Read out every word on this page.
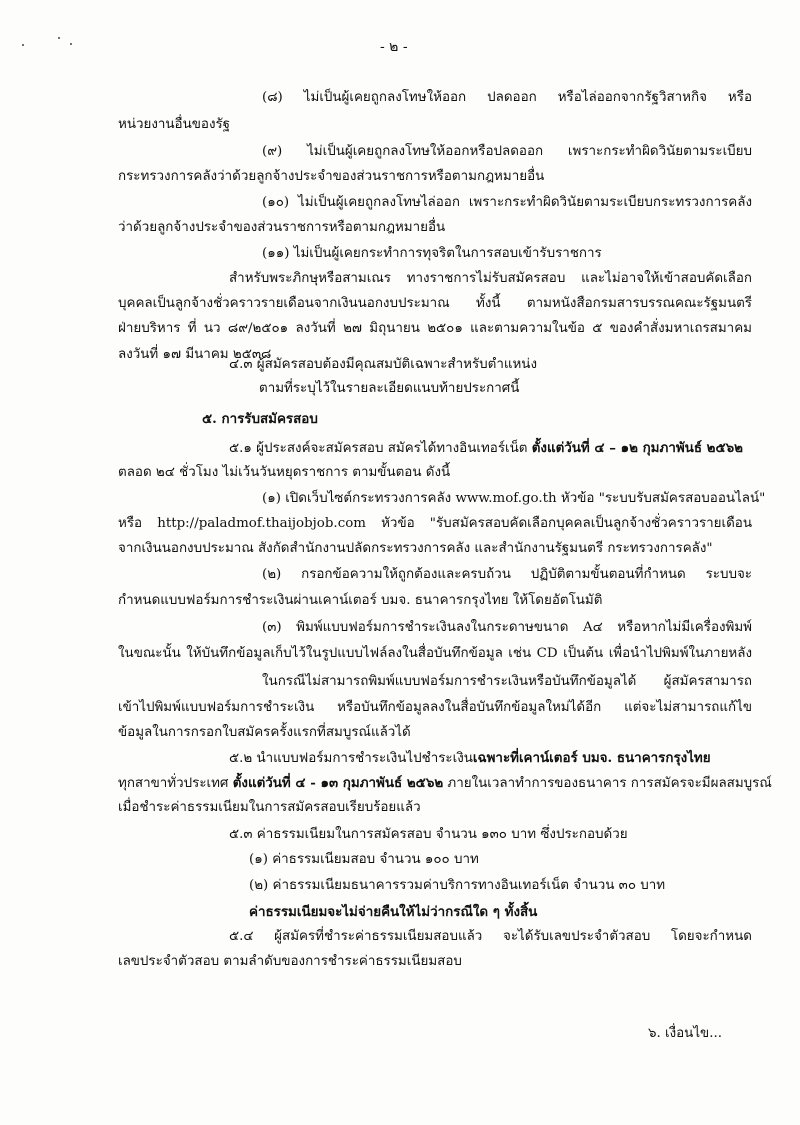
- ๒ -
(๘) ไม่เป็นผู้เคยถูกลงโทษให้ออก ปลดออก หรือไล่ออกจากรัฐวิสาหกิจ หรือ
หน่วยงานอื่นของรัฐ
(๙) ไม่เป็นผู้เคยถูกลงโทษให้ออกหรือปลดออก เพราะกระทำผิดวินัยตามระเบียบ
กระทรวงการคลังว่าด้วยลูกจ้างประจำของส่วนราชการหรือตามกฎหมายอื่น
(๑๐) ไม่เป็นผู้เคยถูกลงโทษไล่ออก เพราะกระทำผิดวินัยตามระเบียบกระทรวงการคลัง
ว่าด้วยลูกจ้างประจำของส่วนราชการหรือตามกฎหมายอื่น
(๑๑) ไม่เป็นผู้เคยกระทำการทุจริตในการสอบเข้ารับราชการ
สำหรับพระภิกษุหรือสามเณร ทางราชการไม่รับสมัครสอบ และไม่อาจให้เข้าสอบคัดเลือก
บุคคลเป็นลูกจ้างชั่วคราวรายเดือนจากเงินนอกงบประมาณ ทั้งนี้ ตามหนังสือกรมสารบรรณคณะรัฐมนตรี
ฝ่ายบริหาร ที่ นว ๘๙/๒๕๐๑ ลงวันที่ ๒๗ มิถุนายน ๒๕๐๑ และตามความในข้อ ๕ ของคำสั่งมหาเถรสมาคม
ลงวันที่ ๑๗ มีนาคม ๒๕๓๘
๔.๓ ผู้สมัครสอบต้องมีคุณสมบัติเฉพาะสำหรับตำแหน่ง
ตามที่ระบุไว้ในรายละเอียดแนบท้ายประกาศนี้
๕. การรับสมัครสอบ
๕.๑ ผู้ประสงค์จะสมัครสอบ สมัครได้ทางอินเทอร์เน็ต ตั้งแต่วันที่ ๔ – ๑๒ กุมภาพันธ์ ๒๕๖๒
ตลอด ๒๔ ชั่วโมง ไม่เว้นวันหยุดราชการ ตามขั้นตอน ดังนี้
(๑) เปิดเว็บไซต์กระทรวงการคลัง www.mof.go.th หัวข้อ "ระบบรับสมัครสอบออนไลน์"
หรือ http://paladmof.thaijobjob.com หัวข้อ "รับสมัครสอบคัดเลือกบุคคลเป็นลูกจ้างชั่วคราวรายเดือน
จากเงินนอกงบประมาณ สังกัดสำนักงานปลัดกระทรวงการคลัง และสำนักงานรัฐมนตรี กระทรวงการคลัง"
(๒) กรอกข้อความให้ถูกต้องและครบถ้วน ปฏิบัติตามขั้นตอนที่กำหนด ระบบจะ
กำหนดแบบฟอร์มการชำระเงินผ่านเคาน์เตอร์ บมจ. ธนาคารกรุงไทย ให้โดยอัตโนมัติ
(๓) พิมพ์แบบฟอร์มการชำระเงินลงในกระดาษขนาด A๔ หรือหากไม่มีเครื่องพิมพ์
ในขณะนั้น ให้บันทึกข้อมูลเก็บไว้ในรูปแบบไฟล์ลงในสื่อบันทึกข้อมูล เช่น CD เป็นต้น เพื่อนำไปพิมพ์ในภายหลัง
ในกรณีไม่สามารถพิมพ์แบบฟอร์มการชำระเงินหรือบันทึกข้อมูลได้ ผู้สมัครสามารถ
เข้าไปพิมพ์แบบฟอร์มการชำระเงิน หรือบันทึกข้อมูลลงในสื่อบันทึกข้อมูลใหม่ได้อีก แต่จะไม่สามารถแก้ไข
ข้อมูลในการกรอกใบสมัครครั้งแรกที่สมบูรณ์แล้วได้
๕.๒ นำแบบฟอร์มการชำระเงินไปชำระเงินเฉพาะที่เคาน์เตอร์ บมจ. ธนาคารกรุงไทย
ทุกสาขาทั่วประเทศ ตั้งแต่วันที่ ๔ - ๑๓ กุมภาพันธ์ ๒๕๖๒ ภายในเวลาทำการของธนาคาร การสมัครจะมีผลสมบูรณ์
เมื่อชำระค่าธรรมเนียมในการสมัครสอบเรียบร้อยแล้ว
๕.๓ ค่าธรรมเนียมในการสมัครสอบ จำนวน ๑๓๐ บาท ซึ่งประกอบด้วย
(๑) ค่าธรรมเนียมสอบ จำนวน ๑๐๐ บาท
(๒) ค่าธรรมเนียมธนาคารรวมค่าบริการทางอินเทอร์เน็ต จำนวน ๓๐ บาท
ค่าธรรมเนียมจะไม่จ่ายคืนให้ไม่ว่ากรณีใด ๆ ทั้งสิ้น
๕.๔ ผู้สมัครที่ชำระค่าธรรมเนียมสอบแล้ว จะได้รับเลขประจำตัวสอบ โดยจะกำหนด
เลขประจำตัวสอบ ตามลำดับของการชำระค่าธรรมเนียมสอบ
๖. เงื่อนไข...
